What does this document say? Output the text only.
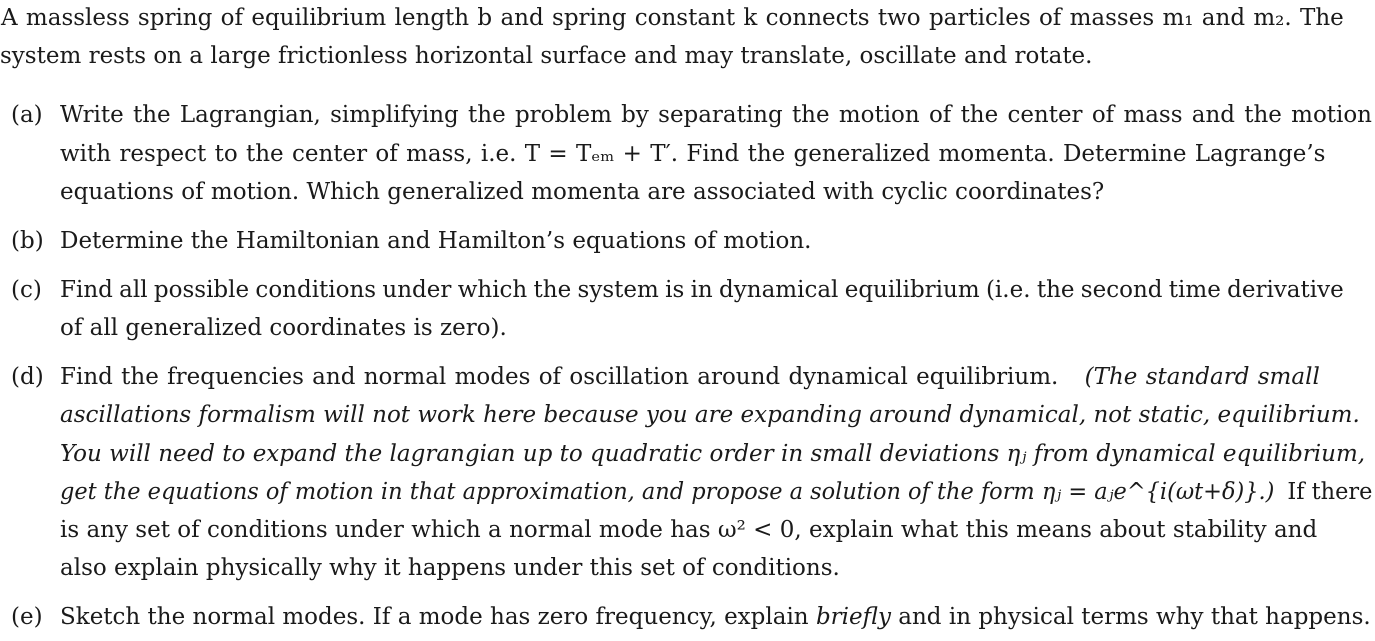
A massless spring of equilibrium length b and spring constant k connects two particles of masses m₁ and m₂. The
system rests on a large frictionless horizontal surface and may translate, oscillate and rotate.
(a) Write the Lagrangian, simplifying the problem by separating the motion of the center of mass and the motion
with respect to the center of mass, i.e. T = Tₑₘ + T′. Find the generalized momenta. Determine Lagrange’s
equations of motion. Which generalized momenta are associated with cyclic coordinates?
(b) Determine the Hamiltonian and Hamilton’s equations of motion.
(c) Find all possible conditions under which the system is in dynamical equilibrium (i.e. the second time derivative
of all generalized coordinates is zero).
(d) Find the frequencies and normal modes of oscillation around dynamical equilibrium. (The standard small
ascillations formalism will not work here because you are expanding around dynamical, not static, equilibrium.
You will need to expand the lagrangian up to quadratic order in small deviations ηⱼ from dynamical equilibrium,
get the equations of motion in that approximation, and propose a solution of the form ηⱼ = aⱼe^{i(ωt+δ)}.) If there
is any set of conditions under which a normal mode has ω² < 0, explain what this means about stability and
also explain physically why it happens under this set of conditions.
(e) Sketch the normal modes. If a mode has zero frequency, explain briefly and in physical terms why that happens.
